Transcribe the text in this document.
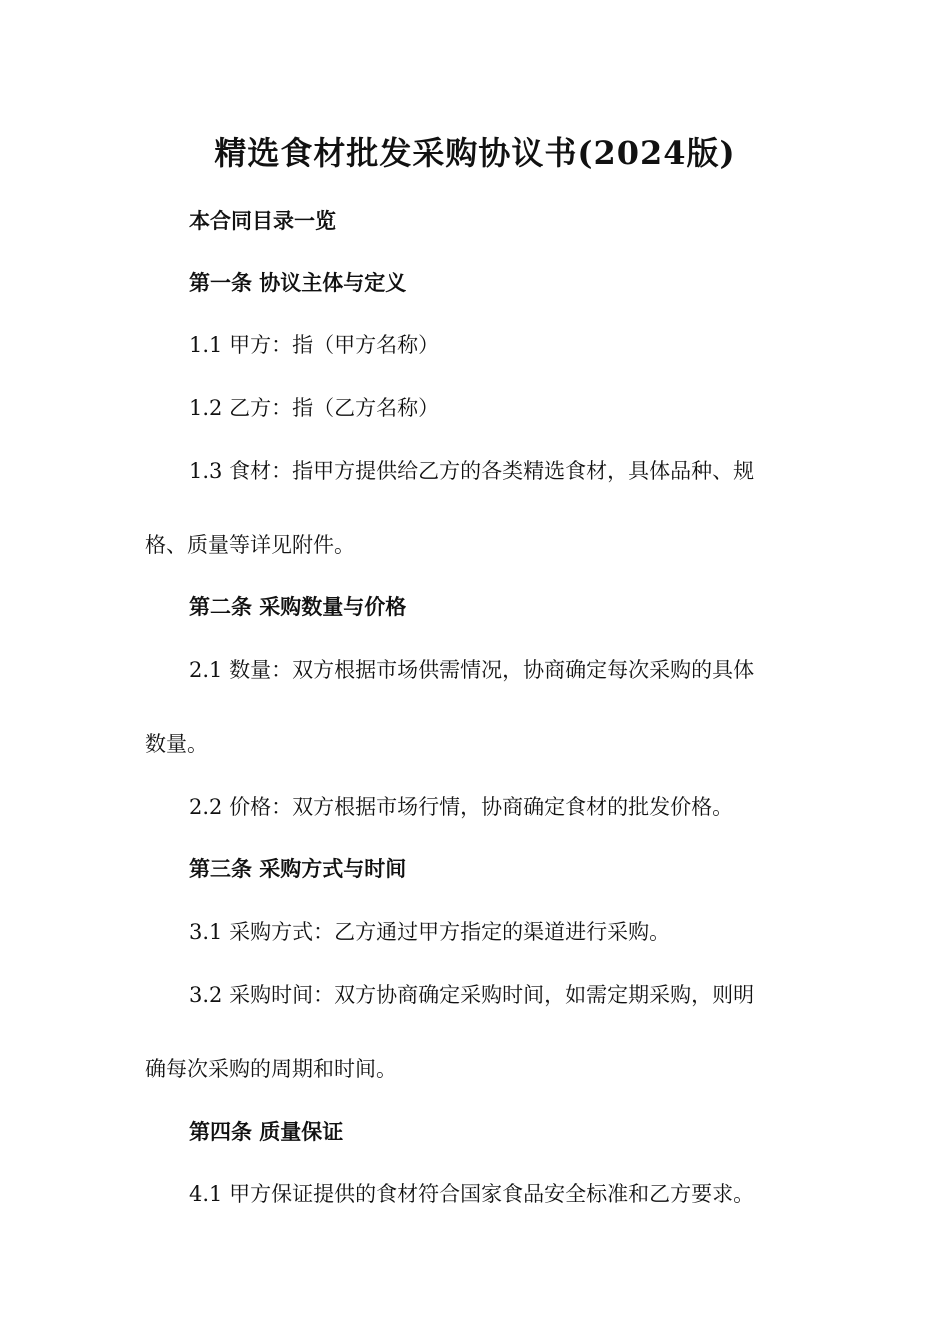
精选食材批发采购协议书(2024版)

本合同目录一览

第一条 协议主体与定义

1.1 甲方：指（甲方名称）

1.2 乙方：指（乙方名称）

1.3 食材：指甲方提供给乙方的各类精选食材，具体品种、规

格、质量等详见附件。

第二条 采购数量与价格

2.1 数量：双方根据市场供需情况，协商确定每次采购的具体

数量。

2.2 价格：双方根据市场行情，协商确定食材的批发价格。

第三条 采购方式与时间

3.1 采购方式：乙方通过甲方指定的渠道进行采购。

3.2 采购时间：双方协商确定采购时间，如需定期采购，则明

确每次采购的周期和时间。

第四条 质量保证

4.1 甲方保证提供的食材符合国家食品安全标准和乙方要求。
